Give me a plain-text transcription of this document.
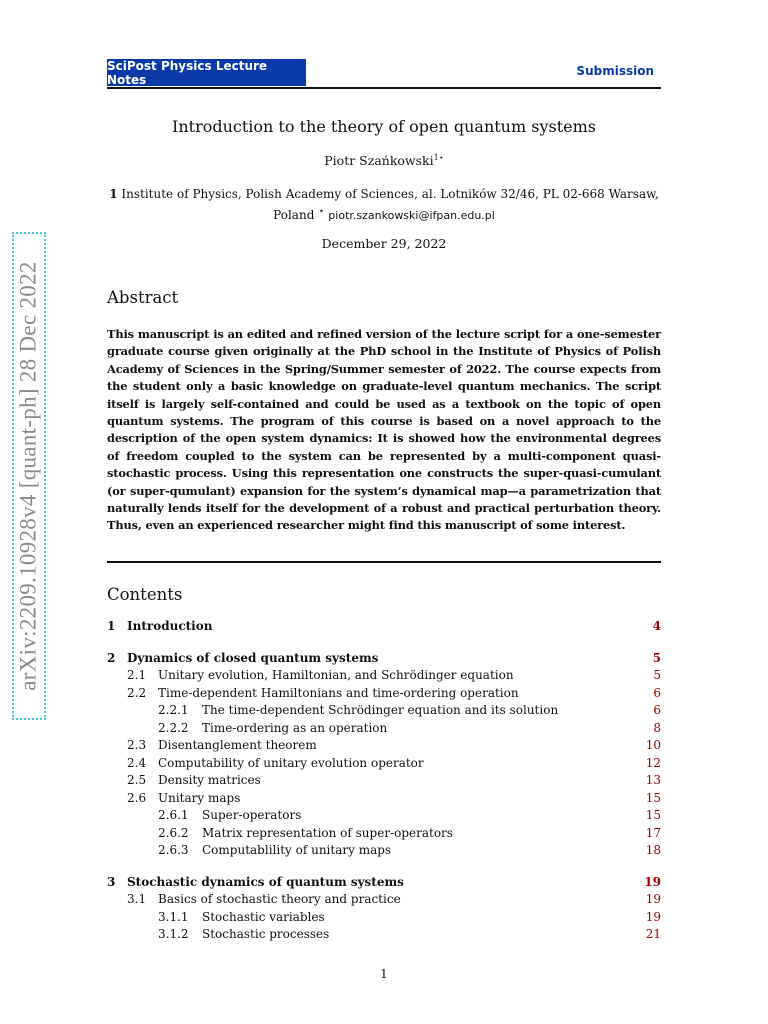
arXiv:2209.10928v4 [quant-ph] 28 Dec 2022
SciPost Physics Lecture Notes
Submission
Introduction to the theory of open quantum systems
Piotr Szańkowski$^{1⋆}$
1 Institute of Physics, Polish Academy of Sciences, al. Lotników 32/46, PL 02-668 Warsaw,
Poland ⋆ piotr.szankowski@ifpan.edu.pl
December 29, 2022
Abstract
This manuscript is an edited and refined version of the lecture script for a one-semester graduate course given originally at the PhD school in the Institute of Physics of Polish Academy of Sciences in the Spring/Summer semester of 2022. The course expects from the student only a basic knowledge on graduate-level quantum mechanics. The script itself is largely self-contained and could be used as a textbook on the topic of open quantum systems. The program of this course is based on a novel approach to the description of the open system dynamics: It is showed how the environmental degrees of freedom coupled to the system can be represented by a multi-component quasi-stochastic process. Using this representation one constructs the super-quasi-cumulant (or super-qumulant) expansion for the system’s dynamical map—a parametrization that naturally lends itself for the development of a robust and practical perturbation theory. Thus, even an experienced researcher might find this manuscript of some interest.
Contents
1 Introduction	4
2 Dynamics of closed quantum systems	5
2.1 Unitary evolution, Hamiltonian, and Schrödinger equation	5
2.2 Time-dependent Hamiltonians and time-ordering operation	6
2.2.1 The time-dependent Schrödinger equation and its solution	6
2.2.2 Time-ordering as an operation	8
2.3 Disentanglement theorem	10
2.4 Computability of unitary evolution operator	12
2.5 Density matrices	13
2.6 Unitary maps	15
2.6.1 Super-operators	15
2.6.2 Matrix representation of super-operators	17
2.6.3 Computablility of unitary maps	18
3 Stochastic dynamics of quantum systems	19
3.1 Basics of stochastic theory and practice	19
3.1.1 Stochastic variables	19
3.1.2 Stochastic processes	21
1
